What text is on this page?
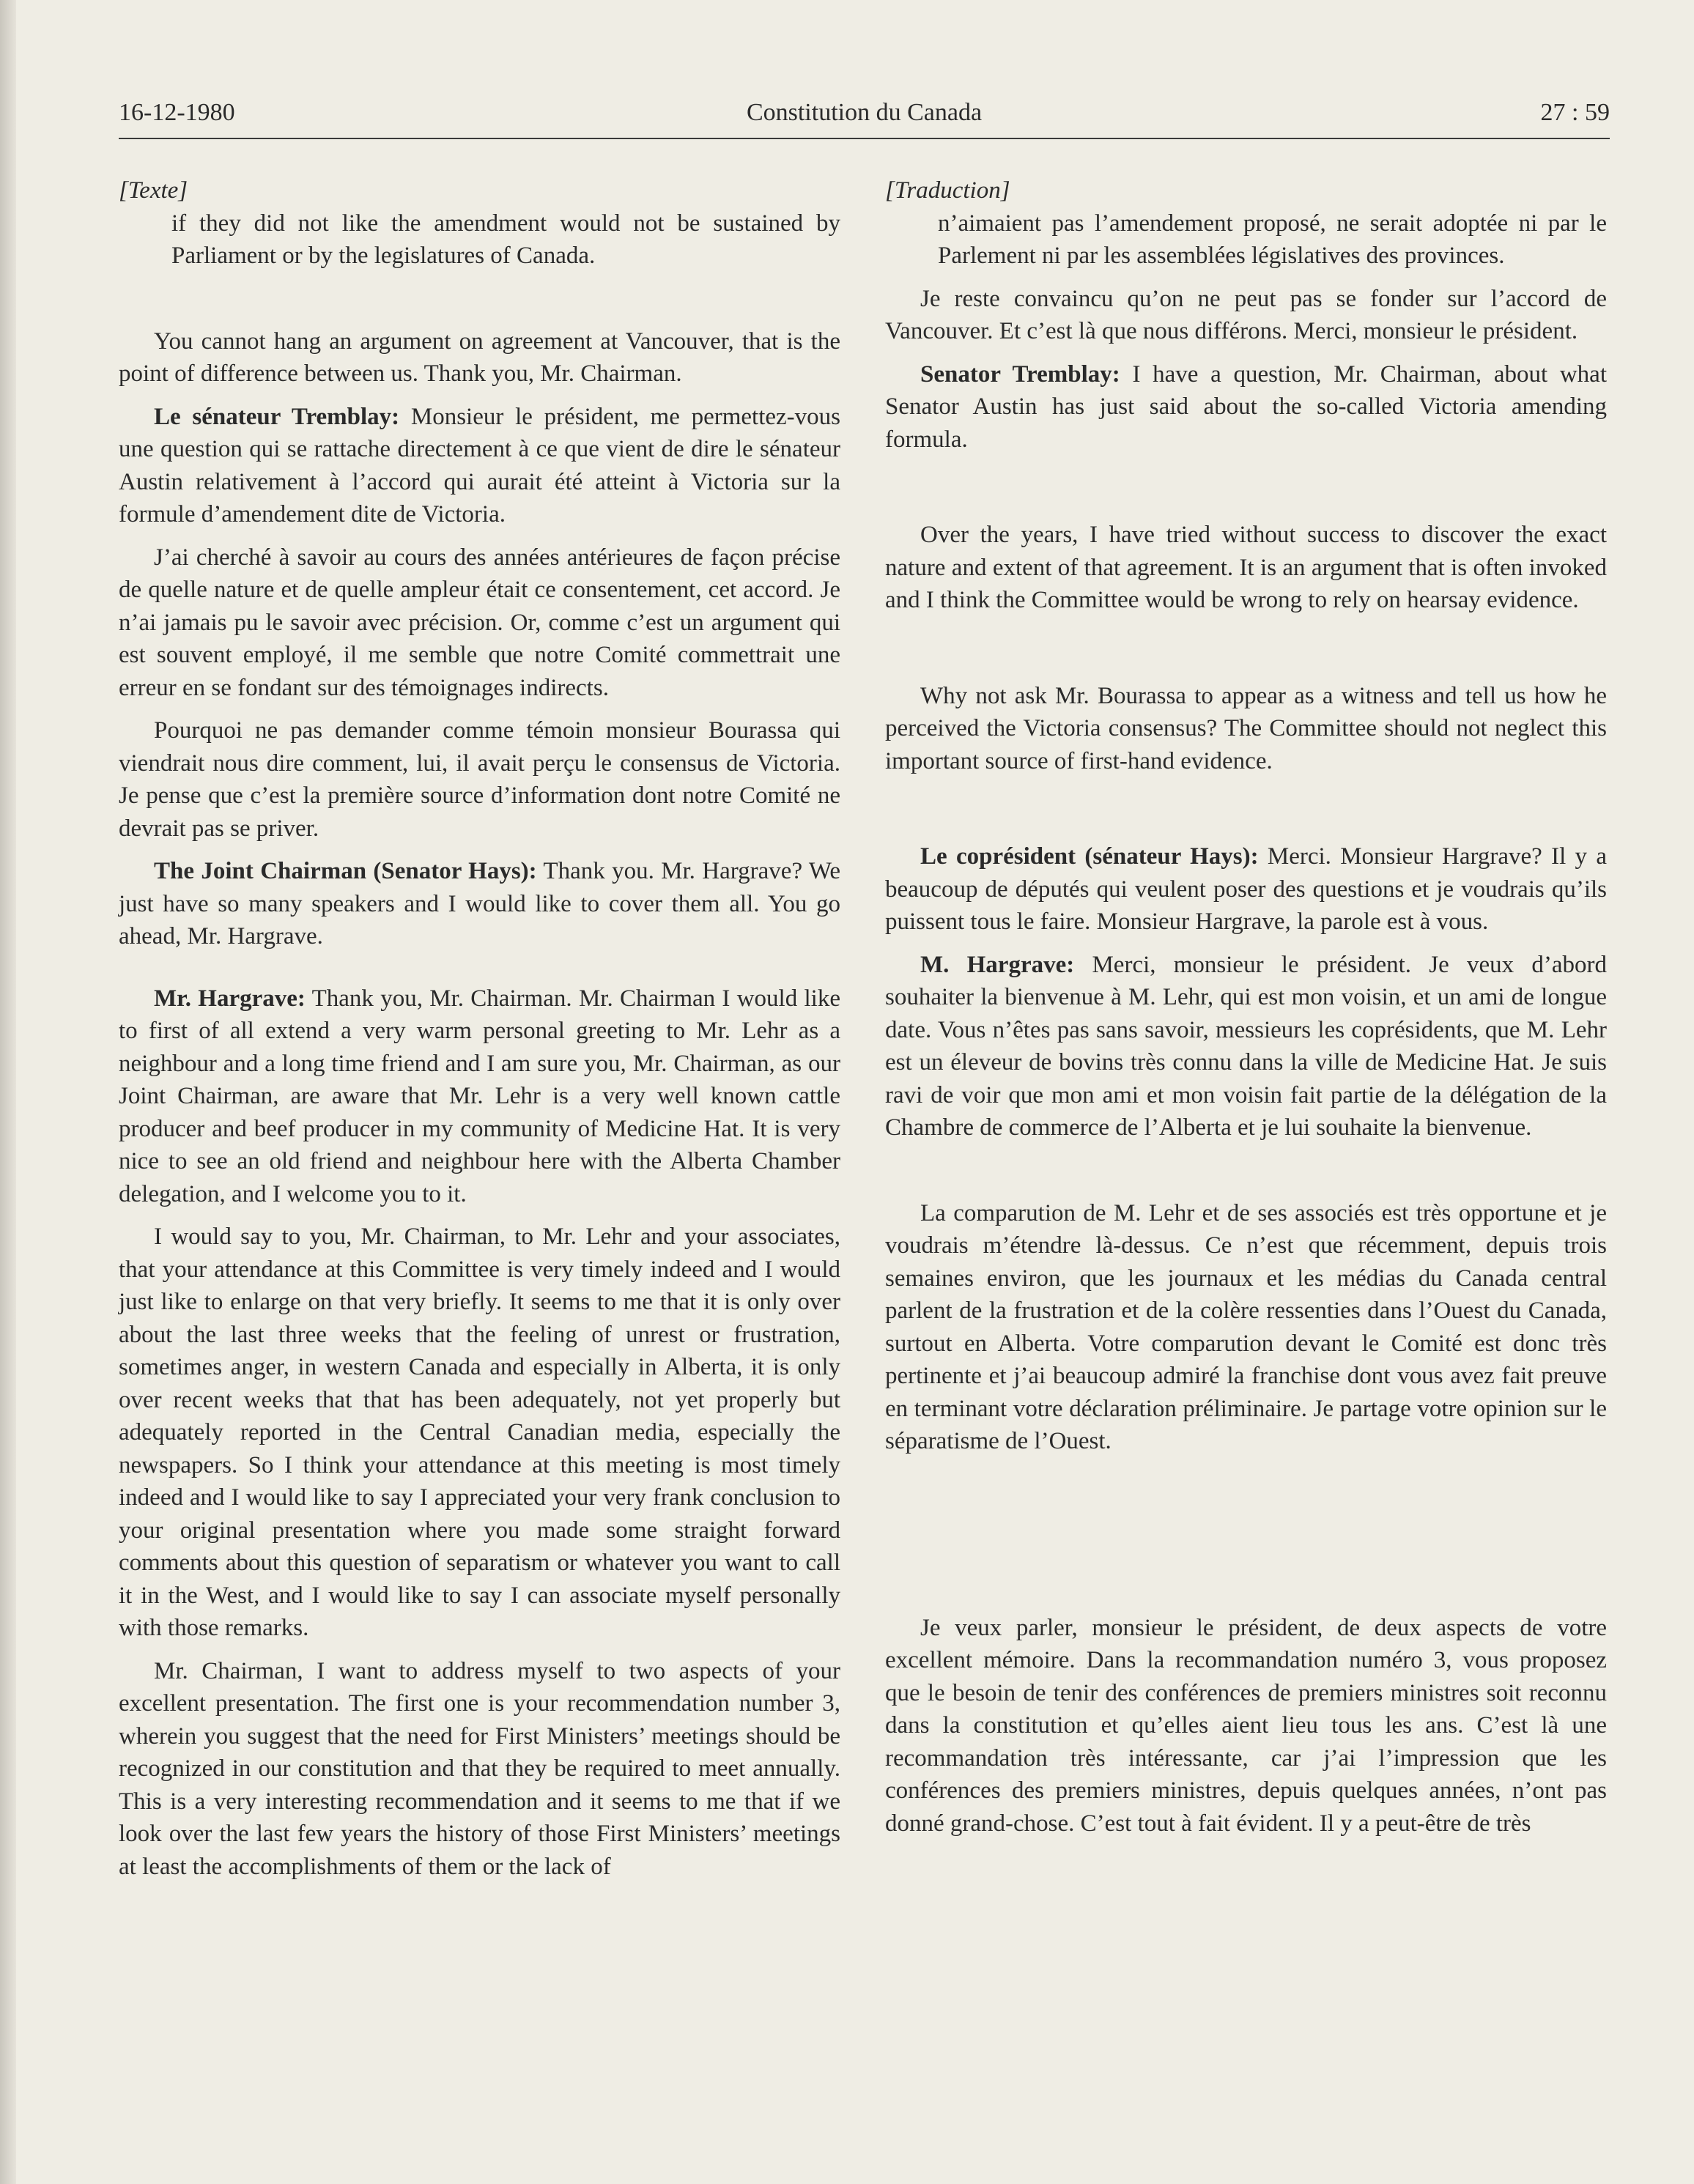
16-12-1980	Constitution du Canada	27 : 59

[Texte]

if they did not like the amendment would not be sustained by Parliament or by the legislatures of Canada.

You cannot hang an argument on agreement at Vancouver, that is the point of difference between us. Thank you, Mr. Chairman.

Le sénateur Tremblay: Monsieur le président, me permettez-vous une question qui se rattache directement à ce que vient de dire le sénateur Austin relativement à l’accord qui aurait été atteint à Victoria sur la formule d’amendement dite de Victoria.

J’ai cherché à savoir au cours des années antérieures de façon précise de quelle nature et de quelle ampleur était ce consentement, cet accord. Je n’ai jamais pu le savoir avec précision. Or, comme c’est un argument qui est souvent employé, il me semble que notre Comité commettrait une erreur en se fondant sur des témoignages indirects.

Pourquoi ne pas demander comme témoin monsieur Bourassa qui viendrait nous dire comment, lui, il avait perçu le consensus de Victoria. Je pense que c’est la première source d’information dont notre Comité ne devrait pas se priver.

The Joint Chairman (Senator Hays): Thank you. Mr. Hargrave? We just have so many speakers and I would like to cover them all. You go ahead, Mr. Hargrave.

Mr. Hargrave: Thank you, Mr. Chairman. Mr. Chairman I would like to first of all extend a very warm personal greeting to Mr. Lehr as a neighbour and a long time friend and I am sure you, Mr. Chairman, as our Joint Chairman, are aware that Mr. Lehr is a very well known cattle producer and beef producer in my community of Medicine Hat. It is very nice to see an old friend and neighbour here with the Alberta Chamber delegation, and I welcome you to it.

I would say to you, Mr. Chairman, to Mr. Lehr and your associates, that your attendance at this Committee is very timely indeed and I would just like to enlarge on that very briefly. It seems to me that it is only over about the last three weeks that the feeling of unrest or frustration, sometimes anger, in western Canada and especially in Alberta, it is only over recent weeks that that has been adequately, not yet properly but adequately reported in the Central Canadian media, especially the newspapers. So I think your attendance at this meeting is most timely indeed and I would like to say I appreciated your very frank conclusion to your original presentation where you made some straight forward comments about this question of separatism or whatever you want to call it in the West, and I would like to say I can associate myself personally with those remarks.

Mr. Chairman, I want to address myself to two aspects of your excellent presentation. The first one is your recommendation number 3, wherein you suggest that the need for First Ministers’ meetings should be recognized in our constitution and that they be required to meet annually. This is a very interesting recommendation and it seems to me that if we look over the last few years the history of those First Ministers’ meetings at least the accomplishments of them or the lack of

[Traduction]

n’aimaient pas l’amendement proposé, ne serait adoptée ni par le Parlement ni par les assemblées législatives des provinces.

Je reste convaincu qu’on ne peut pas se fonder sur l’accord de Vancouver. Et c’est là que nous différons. Merci, monsieur le président.

Senator Tremblay: I have a question, Mr. Chairman, about what Senator Austin has just said about the so-called Victoria amending formula.

Over the years, I have tried without success to discover the exact nature and extent of that agreement. It is an argument that is often invoked and I think the Committee would be wrong to rely on hearsay evidence.

Why not ask Mr. Bourassa to appear as a witness and tell us how he perceived the Victoria consensus? The Committee should not neglect this important source of first-hand evidence.

Le coprésident (sénateur Hays): Merci. Monsieur Hargrave? Il y a beaucoup de députés qui veulent poser des questions et je voudrais qu’ils puissent tous le faire. Monsieur Hargrave, la parole est à vous.

M. Hargrave: Merci, monsieur le président. Je veux d’abord souhaiter la bienvenue à M. Lehr, qui est mon voisin, et un ami de longue date. Vous n’êtes pas sans savoir, messieurs les coprésidents, que M. Lehr est un éleveur de bovins très connu dans la ville de Medicine Hat. Je suis ravi de voir que mon ami et mon voisin fait partie de la délégation de la Chambre de commerce de l’Alberta et je lui souhaite la bienvenue.

La comparution de M. Lehr et de ses associés est très opportune et je voudrais m’étendre là-dessus. Ce n’est que récemment, depuis trois semaines environ, que les journaux et les médias du Canada central parlent de la frustration et de la colère ressenties dans l’Ouest du Canada, surtout en Alberta. Votre comparution devant le Comité est donc très pertinente et j’ai beaucoup admiré la franchise dont vous avez fait preuve en terminant votre déclaration préliminaire. Je partage votre opinion sur le séparatisme de l’Ouest.

Je veux parler, monsieur le président, de deux aspects de votre excellent mémoire. Dans la recommandation numéro 3, vous proposez que le besoin de tenir des conférences de premiers ministres soit reconnu dans la constitution et qu’elles aient lieu tous les ans. C’est là une recommandation très intéressante, car j’ai l’impression que les conférences des premiers ministres, depuis quelques années, n’ont pas donné grand-chose. C’est tout à fait évident. Il y a peut-être de très
